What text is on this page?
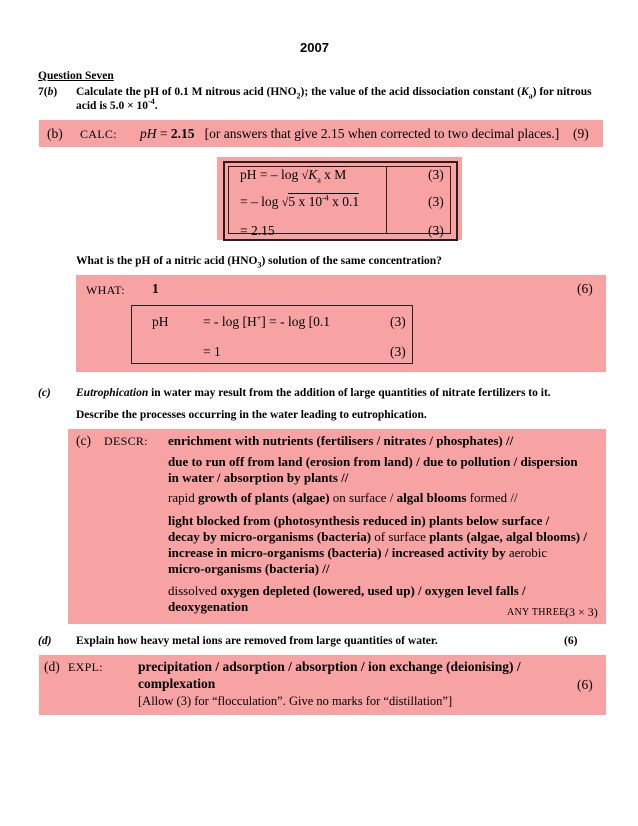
2007
Question Seven
7(b) Calculate the pH of 0.1 M nitrous acid $(HNO_2)$; the value of the acid dissociation constant $(K_a)$ for nitrous
acid is $5.0 \times 10^{-4}$.
(b) CALC: pH = 2.15 [or answers that give 2.15 when corrected to two decimal places.] (9)
pH = – $\log √K_a$ x M	(3)
= – log √5 x $10^{-4}$ x 0.1	(3)
= 2.15	(3)
What is the pH of a nitric acid $(HNO_3)$ solution of the same concentration?
WHAT: 1	(6)
pH	= - log [H+] = - log [0.1	(3)
= 1	(3)
(c) Eutrophication in water may result from the addition of large quantities of nitrate fertilizers to it.
Describe the processes occurring in the water leading to eutrophication.
(c) DESCR: enrichment with nutrients (fertilisers / nitrates / phosphates) //
due to run off from land (erosion from land) / due to pollution / dispersion
in water / absorption by plants //
rapid growth of plants (algae) on surface / algal blooms formed //
light blocked from (photosynthesis reduced in) plants below surface /
decay by micro-organisms (bacteria) of surface plants (algae, algal blooms) /
increase in micro-organisms (bacteria) / increased activity by aerobic
micro-organisms (bacteria) //
dissolved oxygen depleted (lowered, used up) / oxygen level falls /
deoxygenation	ANY THREE:
(3 × 3)
(d) Explain how heavy metal ions are removed from large quantities of water.	(6)
(d) EXPL:	precipitation / adsorption / absorption / ion exchange (deionising) /
complexation
[Allow (3) for “flocculation”. Give no marks for “distillation”]
(6)
